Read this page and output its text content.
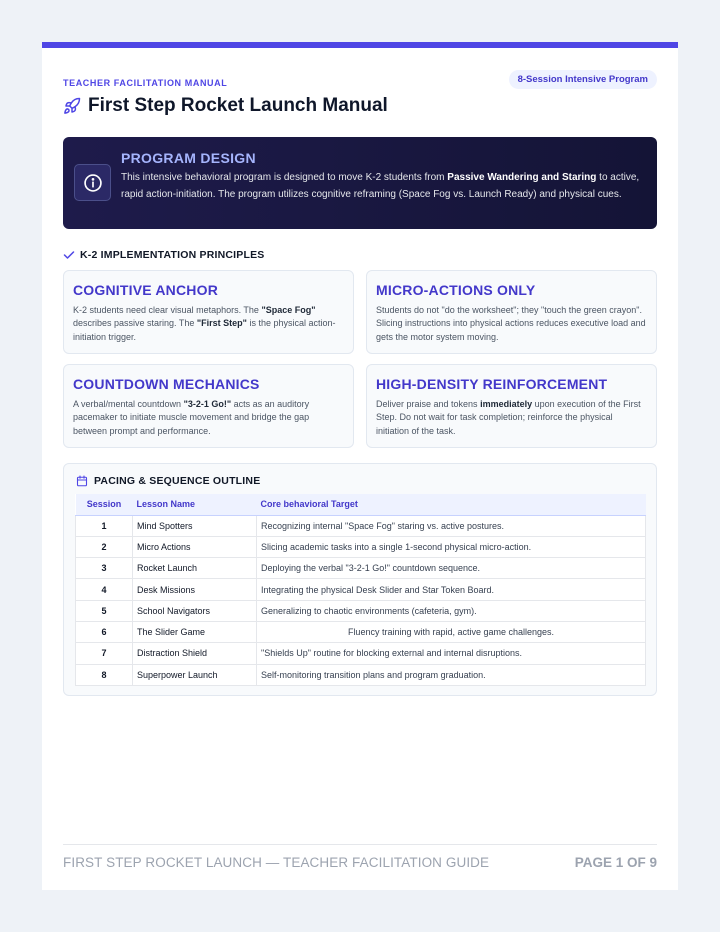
TEACHER FACILITATION MANUAL	8-Session Intensive Program
First Step Rocket Launch Manual
PROGRAM DESIGN

This intensive behavioral program is designed to move K-2 students from Passive Wandering and Staring to active, rapid action-initiation. The program utilizes cognitive reframing (Space Fog vs. Launch Ready) and physical cues.

K-2 IMPLEMENTATION PRINCIPLES
COGNITIVE ANCHOR

K-2 students need clear visual metaphors. The "Space Fog" describes passive staring. The "First Step" is the physical action-initiation trigger.

MICRO-ACTIONS ONLY

Students do not "do the worksheet"; they "touch the green crayon". Slicing instructions into physical actions reduces executive load and gets the motor system moving.

COUNTDOWN MECHANICS

A verbal/mental countdown "3-2-1 Go!" acts as an auditory pacemaker to initiate muscle movement and bridge the gap between prompt and performance.

HIGH-DENSITY REINFORCEMENT

Deliver praise and tokens immediately upon execution of the First Step. Do not wait for task completion; reinforce the physical initiation of the task.

PACING & SEQUENCE OUTLINE
Session	Lesson Name	Core behavioral Target
1	Mind Spotters	Recognizing internal "Space Fog" staring vs. active postures.
2	Micro Actions	Slicing academic tasks into a single 1-second physical micro-action.
3	Rocket Launch	Deploying the verbal "3-2-1 Go!" countdown sequence.
4	Desk Missions	Integrating the physical Desk Slider and Star Token Board.
5	School Navigators	Generalizing to chaotic environments (cafeteria, gym).
6	The Slider Game	Fluency training with rapid, active game challenges.
7	Distraction Shield	"Shields Up" routine for blocking external and internal disruptions.
8	Superpower Launch	Self-monitoring transition plans and program graduation.
FIRST STEP ROCKET LAUNCH — TEACHER FACILITATION GUIDE	PAGE 1 OF 9
